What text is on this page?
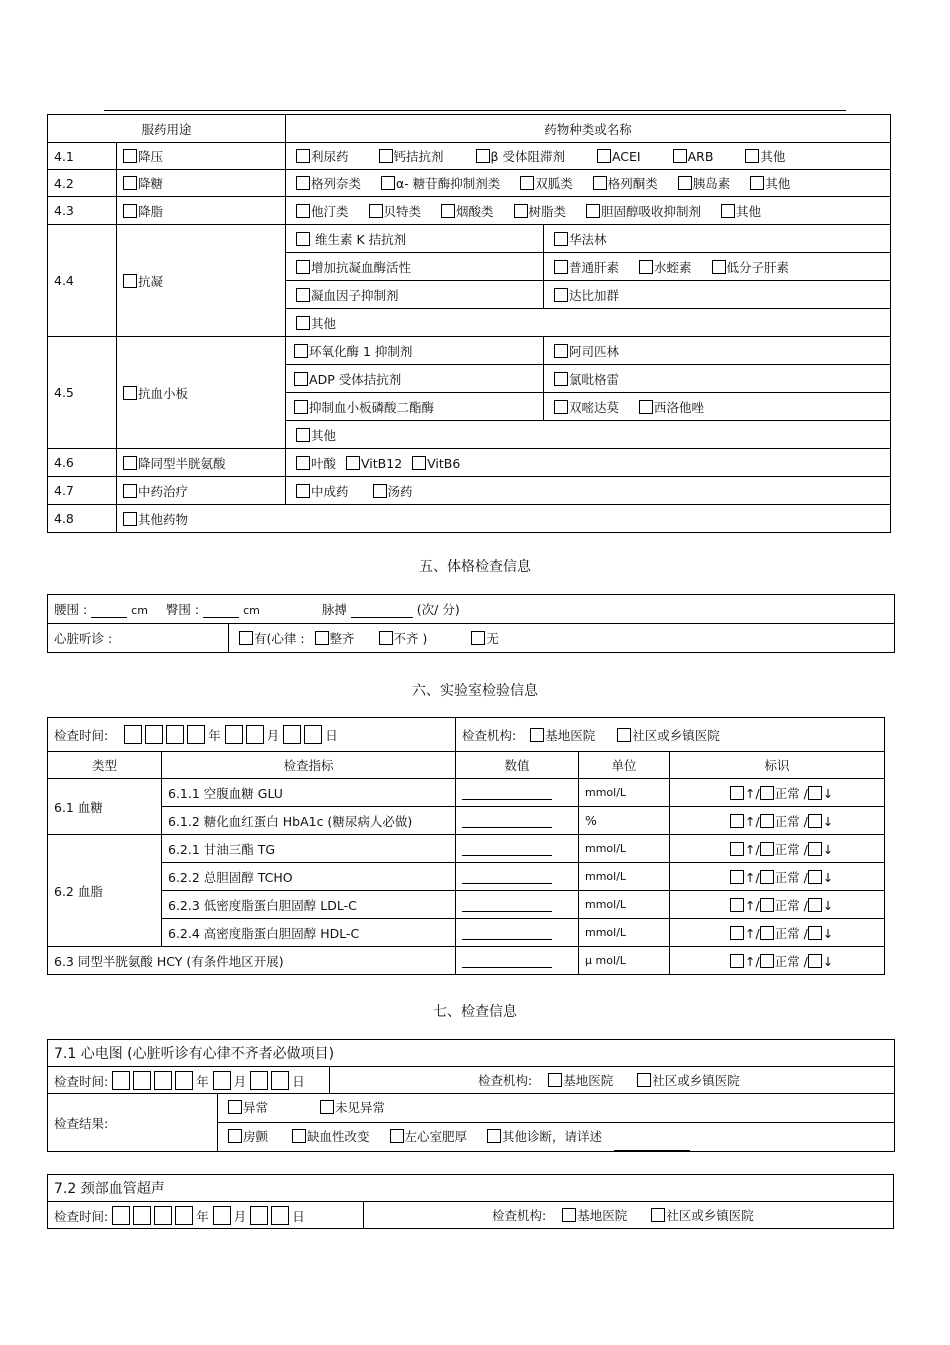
服药用途		药物种类或名称	
4.1	降压	利尿药 钙拮抗剂 β 受体阻滞剂 ACEI ARB 其他	
4.2	降糖	格列奈类 α- 糖苷酶抑制剂类 双胍类 格列酮类 胰岛素 其他	
4.3	降脂	他汀类 贝特类 烟酸类 树脂类 胆固醇吸收抑制剂 其他	
4.4	抗凝	维生素 K 拮抗剂	华法林
		增加抗凝血酶活性	普通肝素 水蛭素 低分子肝素
		凝血因子抑制剂	达比加群
		其他	
4.5	抗血小板	环氧化酶 1 抑制剂	阿司匹林
		ADP 受体拮抗剂	氯吡格雷
		抑制血小板磷酸二酯酶	双嘧达莫 西洛他唑
		其他	
4.6	降同型半胱氨酸	叶酸 VitB12 VitB6	
4.7	中药治疗	中成药 汤药	
4.8	其他药物		
五、体格检查信息
腰围 :	cm 臀围 :	cm	脉搏	(次/ 分)
心脏听诊 :	有(心律 : 整齐	不齐 )	无
六、实验室检验信息
检查时间: 年 月 日		检查机构: 基地医院 社区或乡镇医院		
类型	检查指标	数值	单位	标识
6.1 血糖	6.1.1 空腹血糖 GLU		mmol/L	↑/ 正常 / ↓
	6.1.2 糖化血红蛋白 HbA1c (糖尿病人必做)		%	↑/ 正常 / ↓
6.2 血脂	6.2.1 甘油三酯 TG		mmol/L	↑/ 正常 / ↓
	6.2.2 总胆固醇 TCHO		mmol/L	↑/ 正常 / ↓
	6.2.3 低密度脂蛋白胆固醇 LDL-C		mmol/L	↑/ 正常 / ↓
	6.2.4 高密度脂蛋白胆固醇 HDL-C		mmol/L	↑/ 正常 / ↓
6.3 同型半胱氨酸 HCY (有条件地区开展)			μ mol/L	↑/ 正常 / ↓
七、检查信息
7.1 心电图 (心脏听诊有心律不齐者必做项目)		
检查时间: 年 月 日		检查机构: 基地医院 社区或乡镇医院
检查结果:	异常 未见异常
房颤 缺血性改变 左心室肥厚 其他诊断，请详述	
7.2 颈部血管超声
检查时间:	年 月	日	检查机构: 基地医院	社区或乡镇医院
